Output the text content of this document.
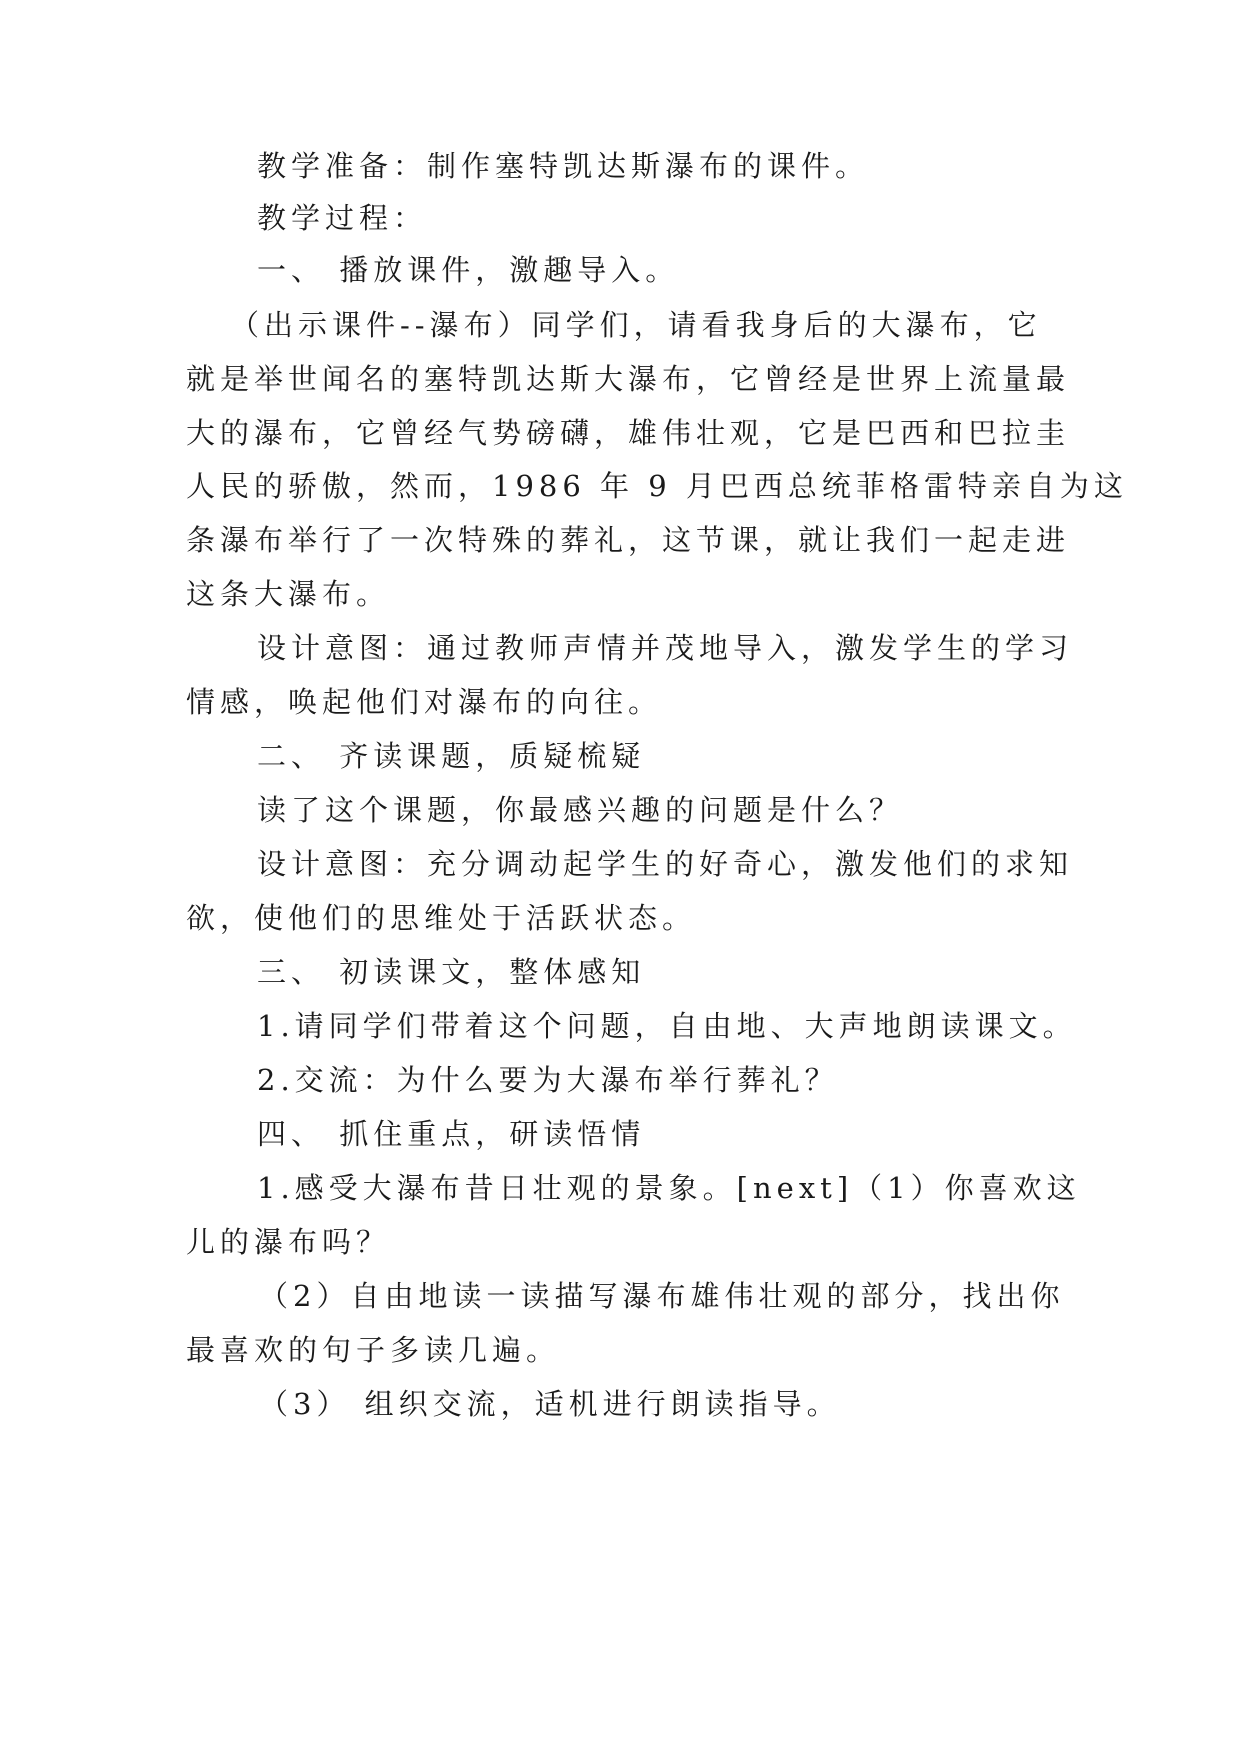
教学准备：制作塞特凯达斯瀑布的课件。
教学过程：
一、 播放课件，激趣导入。
（出示课件--瀑布）同学们，请看我身后的大瀑布，它
就是举世闻名的塞特凯达斯大瀑布，它曾经是世界上流量最
大的瀑布，它曾经气势磅礴，雄伟壮观，它是巴西和巴拉圭
人民的骄傲，然而，1986 年 9 月巴西总统菲格雷特亲自为这
条瀑布举行了一次特殊的葬礼，这节课，就让我们一起走进
这条大瀑布。
设计意图：通过教师声情并茂地导入，激发学生的学习
情感，唤起他们对瀑布的向往。
二、 齐读课题，质疑梳疑
读了这个课题，你最感兴趣的问题是什么？
设计意图：充分调动起学生的好奇心，激发他们的求知
欲，使他们的思维处于活跃状态。
三、 初读课文，整体感知
1.请同学们带着这个问题，自由地、大声地朗读课文。
2.交流：为什么要为大瀑布举行葬礼？
四、 抓住重点，研读悟情
1.感受大瀑布昔日壮观的景象。[next]（1）你喜欢这
儿的瀑布吗？
（2）自由地读一读描写瀑布雄伟壮观的部分，找出你
最喜欢的句子多读几遍。
（3） 组织交流，适机进行朗读指导。
